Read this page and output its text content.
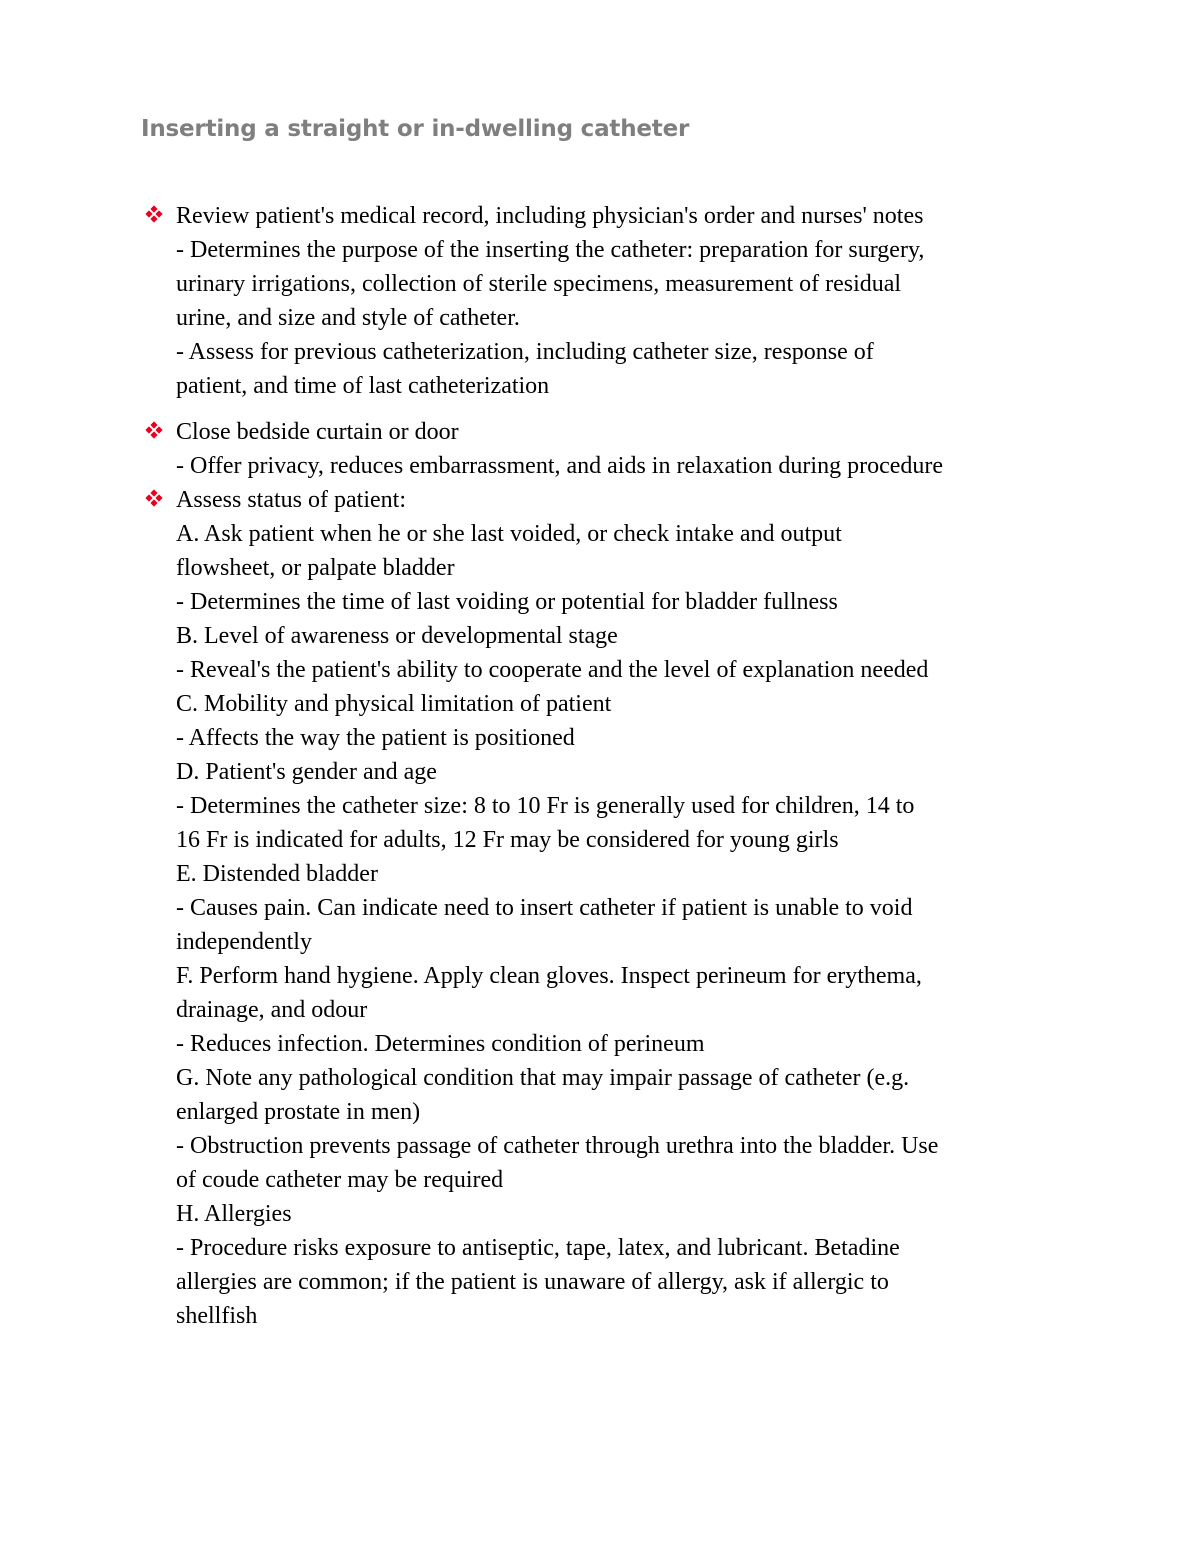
Inserting a straight or in-dwelling catheter
Review patient's medical record, including physician's order and nurses' notes
- Determines the purpose of the inserting the catheter: preparation for surgery,
urinary irrigations, collection of sterile specimens, measurement of residual
urine, and size and style of catheter.
- Assess for previous catheterization, including catheter size, response of
patient, and time of last catheterization
Close bedside curtain or door
- Offer privacy, reduces embarrassment, and aids in relaxation during procedure
Assess status of patient:
A. Ask patient when he or she last voided, or check intake and output
flowsheet, or palpate bladder
- Determines the time of last voiding or potential for bladder fullness
B. Level of awareness or developmental stage
- Reveal's the patient's ability to cooperate and the level of explanation needed
C. Mobility and physical limitation of patient
- Affects the way the patient is positioned
D. Patient's gender and age
- Determines the catheter size: 8 to 10 Fr is generally used for children, 14 to
16 Fr is indicated for adults, 12 Fr may be considered for young girls
E. Distended bladder
- Causes pain. Can indicate need to insert catheter if patient is unable to void
independently
F. Perform hand hygiene. Apply clean gloves. Inspect perineum for erythema,
drainage, and odour
- Reduces infection. Determines condition of perineum
G. Note any pathological condition that may impair passage of catheter (e.g.
enlarged prostate in men)
- Obstruction prevents passage of catheter through urethra into the bladder. Use
of coude catheter may be required
H. Allergies
- Procedure risks exposure to antiseptic, tape, latex, and lubricant. Betadine
allergies are common; if the patient is unaware of allergy, ask if allergic to
shellfish
